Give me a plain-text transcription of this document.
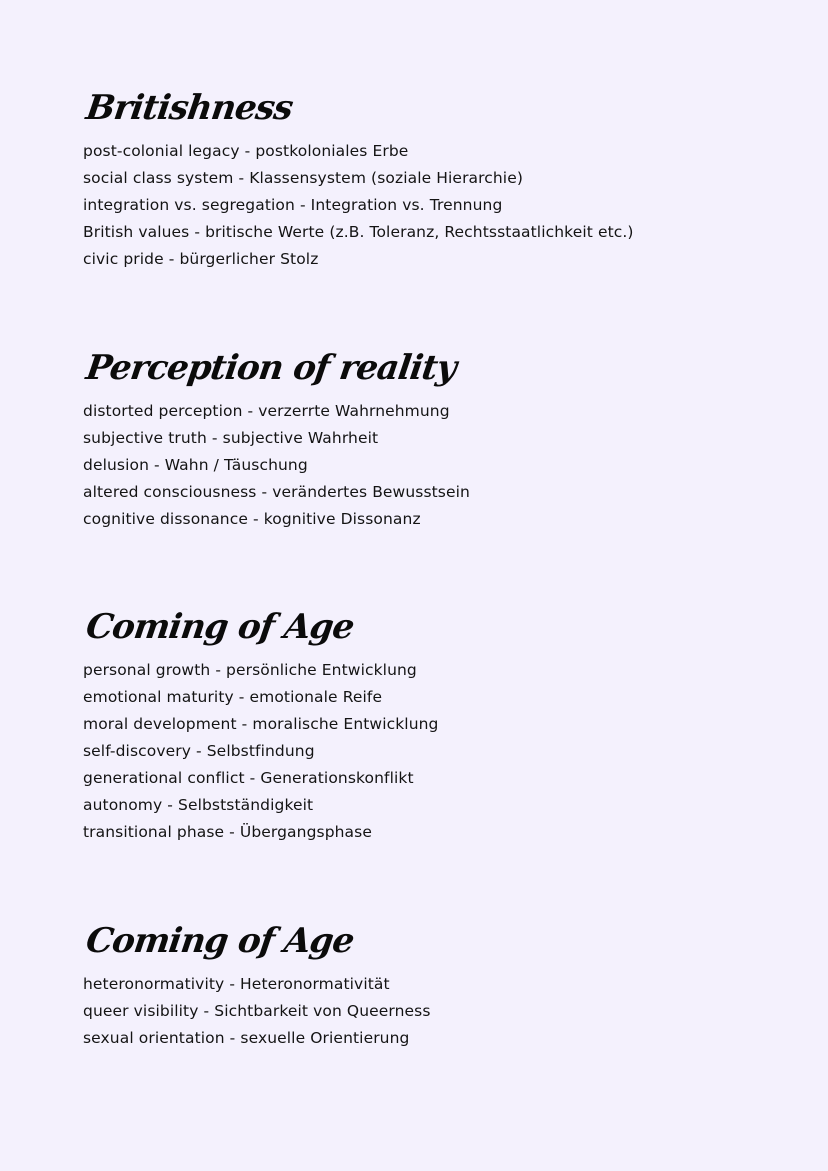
Britishness
post-colonial legacy - postkoloniales Erbe
social class system - Klassensystem (soziale Hierarchie)
integration vs. segregation - Integration vs. Trennung
British values - britische Werte (z.B. Toleranz, Rechtsstaatlichkeit etc.)
civic pride - bürgerlicher Stolz
Perception of reality
distorted perception - verzerrte Wahrnehmung
subjective truth - subjective Wahrheit
delusion - Wahn / Täuschung
altered consciousness - verändertes Bewusstsein
cognitive dissonance - kognitive Dissonanz
Coming of Age
personal growth - persönliche Entwicklung
emotional maturity - emotionale Reife
moral development - moralische Entwicklung
self-discovery - Selbstfindung
generational conflict - Generationskonflikt
autonomy - Selbstständigkeit
transitional phase - Übergangsphase
Coming of Age
heteronormativity - Heteronormativität
queer visibility - Sichtbarkeit von Queerness
sexual orientation - sexuelle Orientierung
